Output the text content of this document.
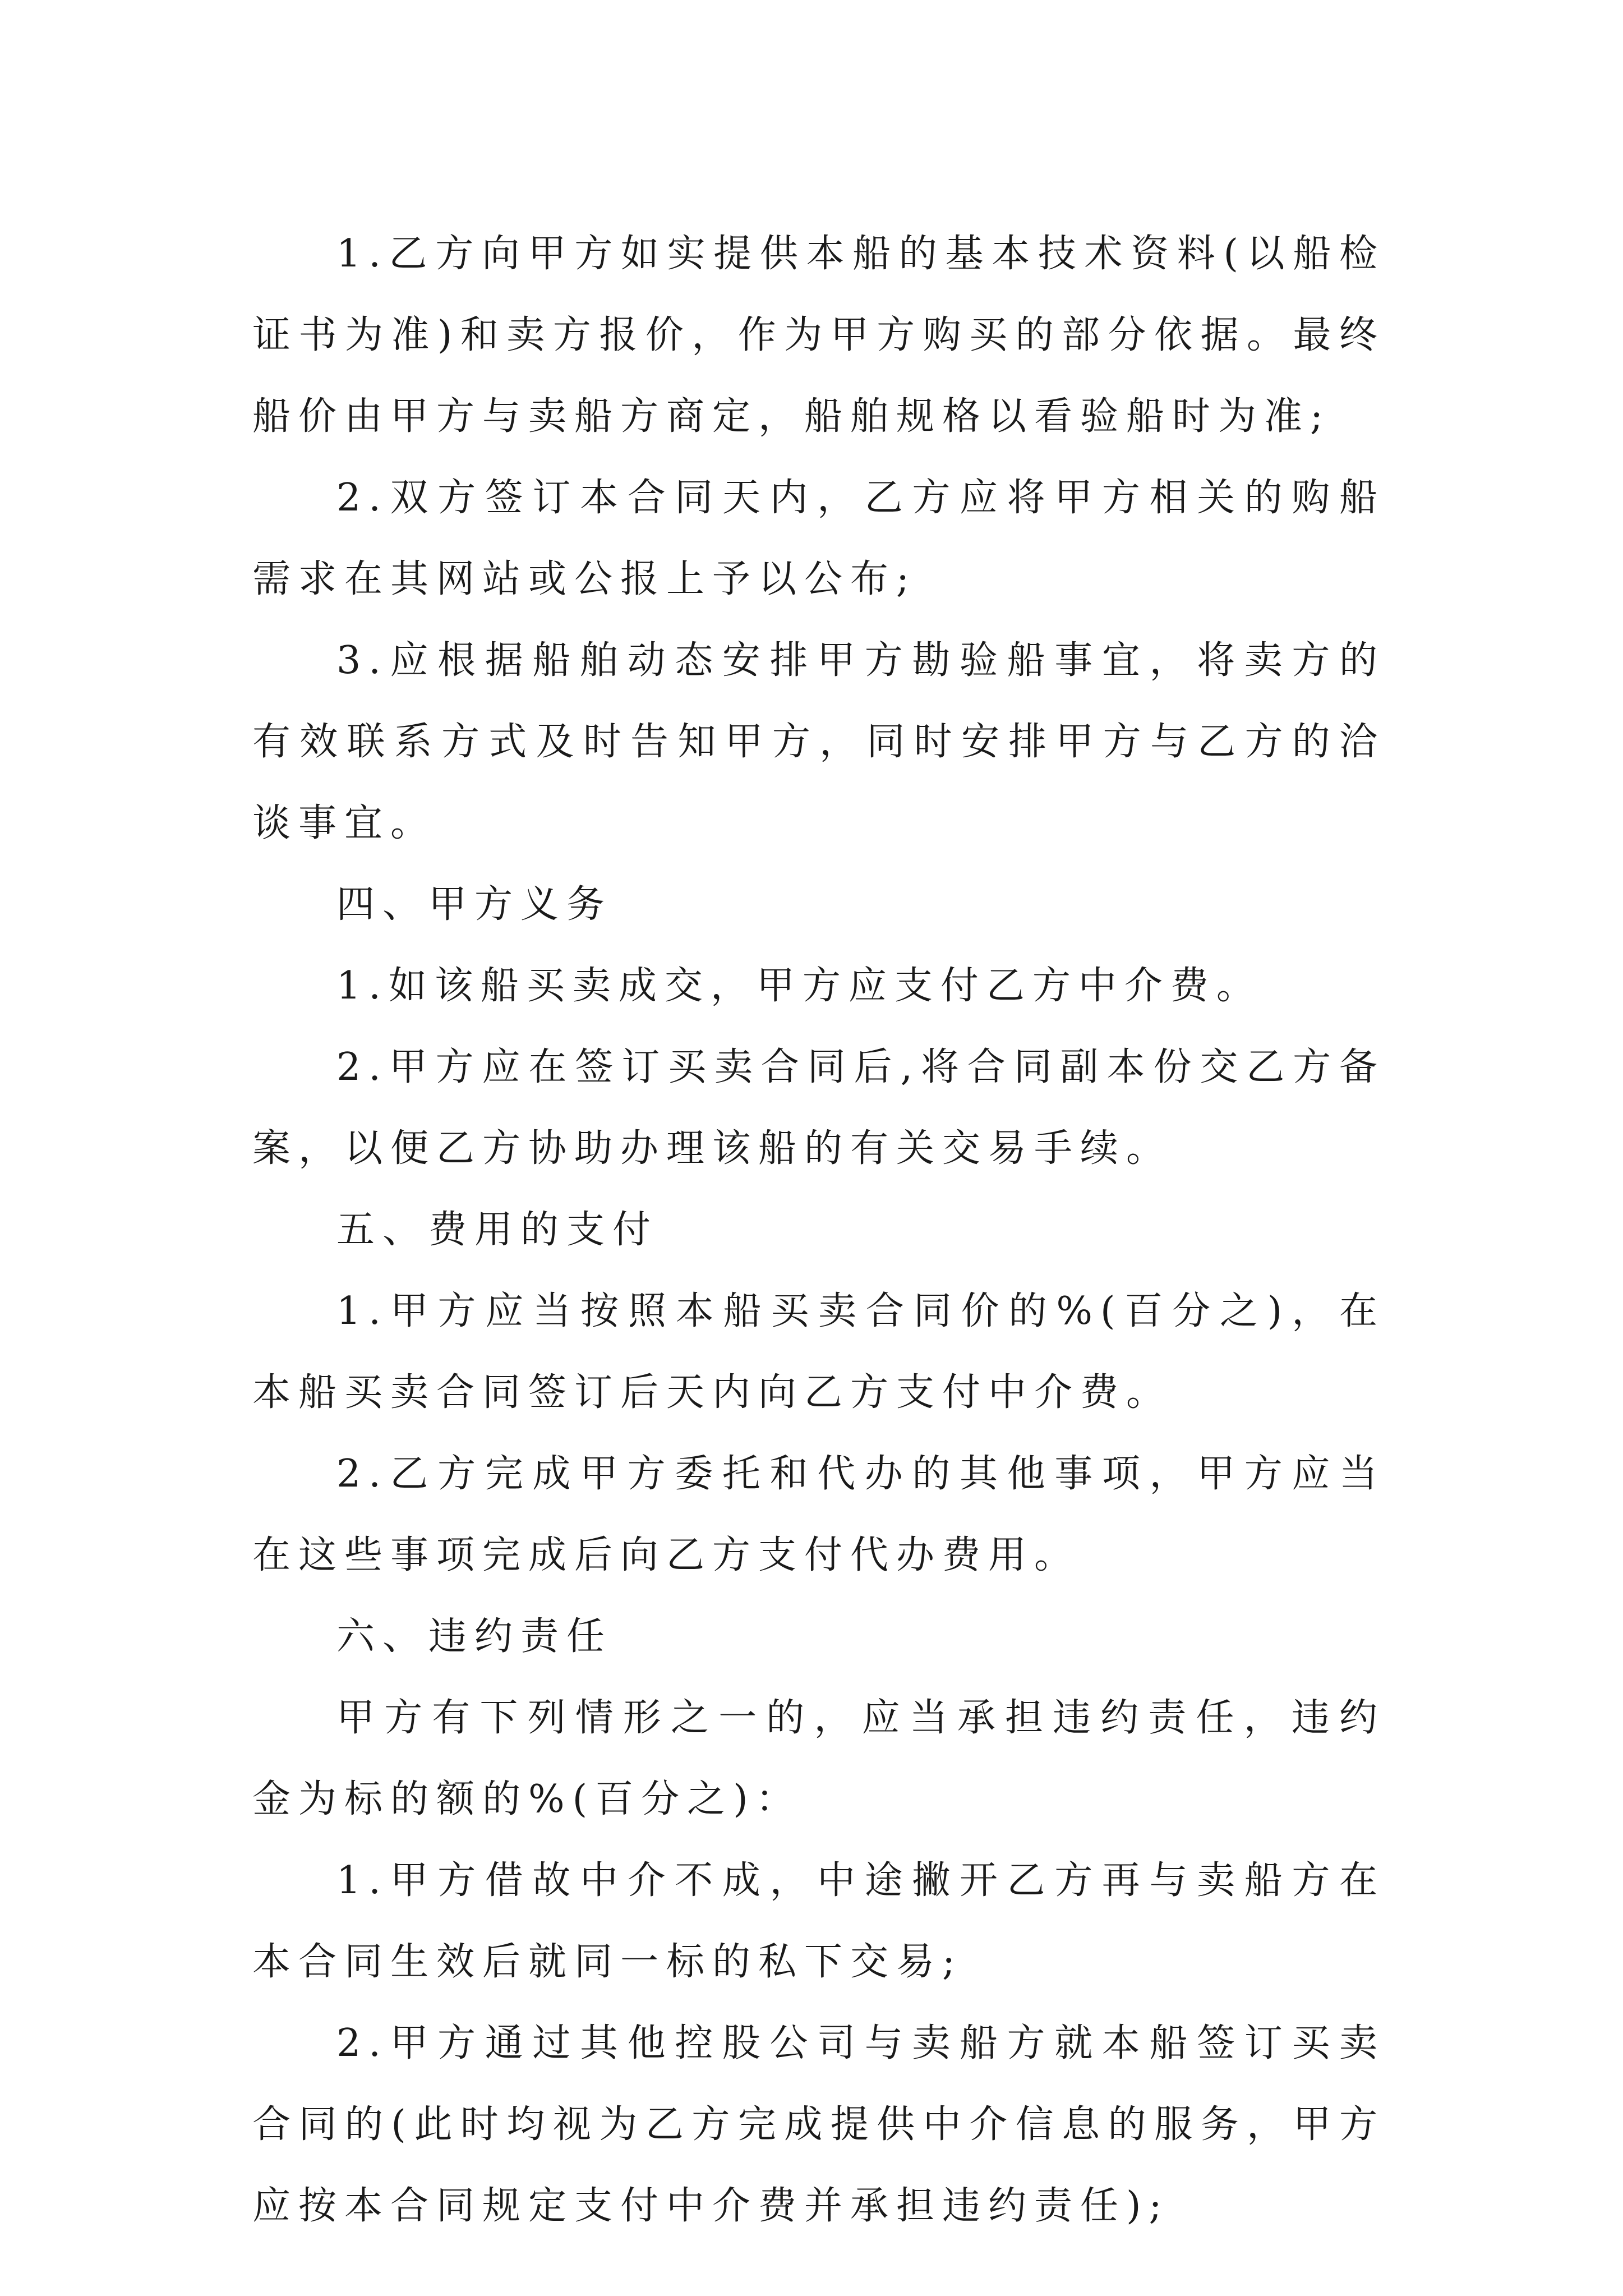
1.乙方向甲方如实提供本船的基本技术资料(以船检证书为准)和卖方报价，作为甲方购买的部分依据。最终船价由甲方与卖船方商定，船舶规格以看验船时为准;

2.双方签订本合同天内，乙方应将甲方相关的购船需求在其网站或公报上予以公布;

3.应根据船舶动态安排甲方勘验船事宜，将卖方的有效联系方式及时告知甲方，同时安排甲方与乙方的洽谈事宜。

四、甲方义务

1.如该船买卖成交，甲方应支付乙方中介费。

2.甲方应在签订买卖合同后,将合同副本份交乙方备案，以便乙方协助办理该船的有关交易手续。

五、费用的支付

1.甲方应当按照本船买卖合同价的%(百分之)，在本船买卖合同签订后天内向乙方支付中介费。

2.乙方完成甲方委托和代办的其他事项，甲方应当在这些事项完成后向乙方支付代办费用。

六、违约责任

甲方有下列情形之一的，应当承担违约责任，违约金为标的额的%(百分之)：

1.甲方借故中介不成，中途撇开乙方再与卖船方在本合同生效后就同一标的私下交易;

2.甲方通过其他控股公司与卖船方就本船签订买卖合同的(此时均视为乙方完成提供中介信息的服务，甲方应按本合同规定支付中介费并承担违约责任);
